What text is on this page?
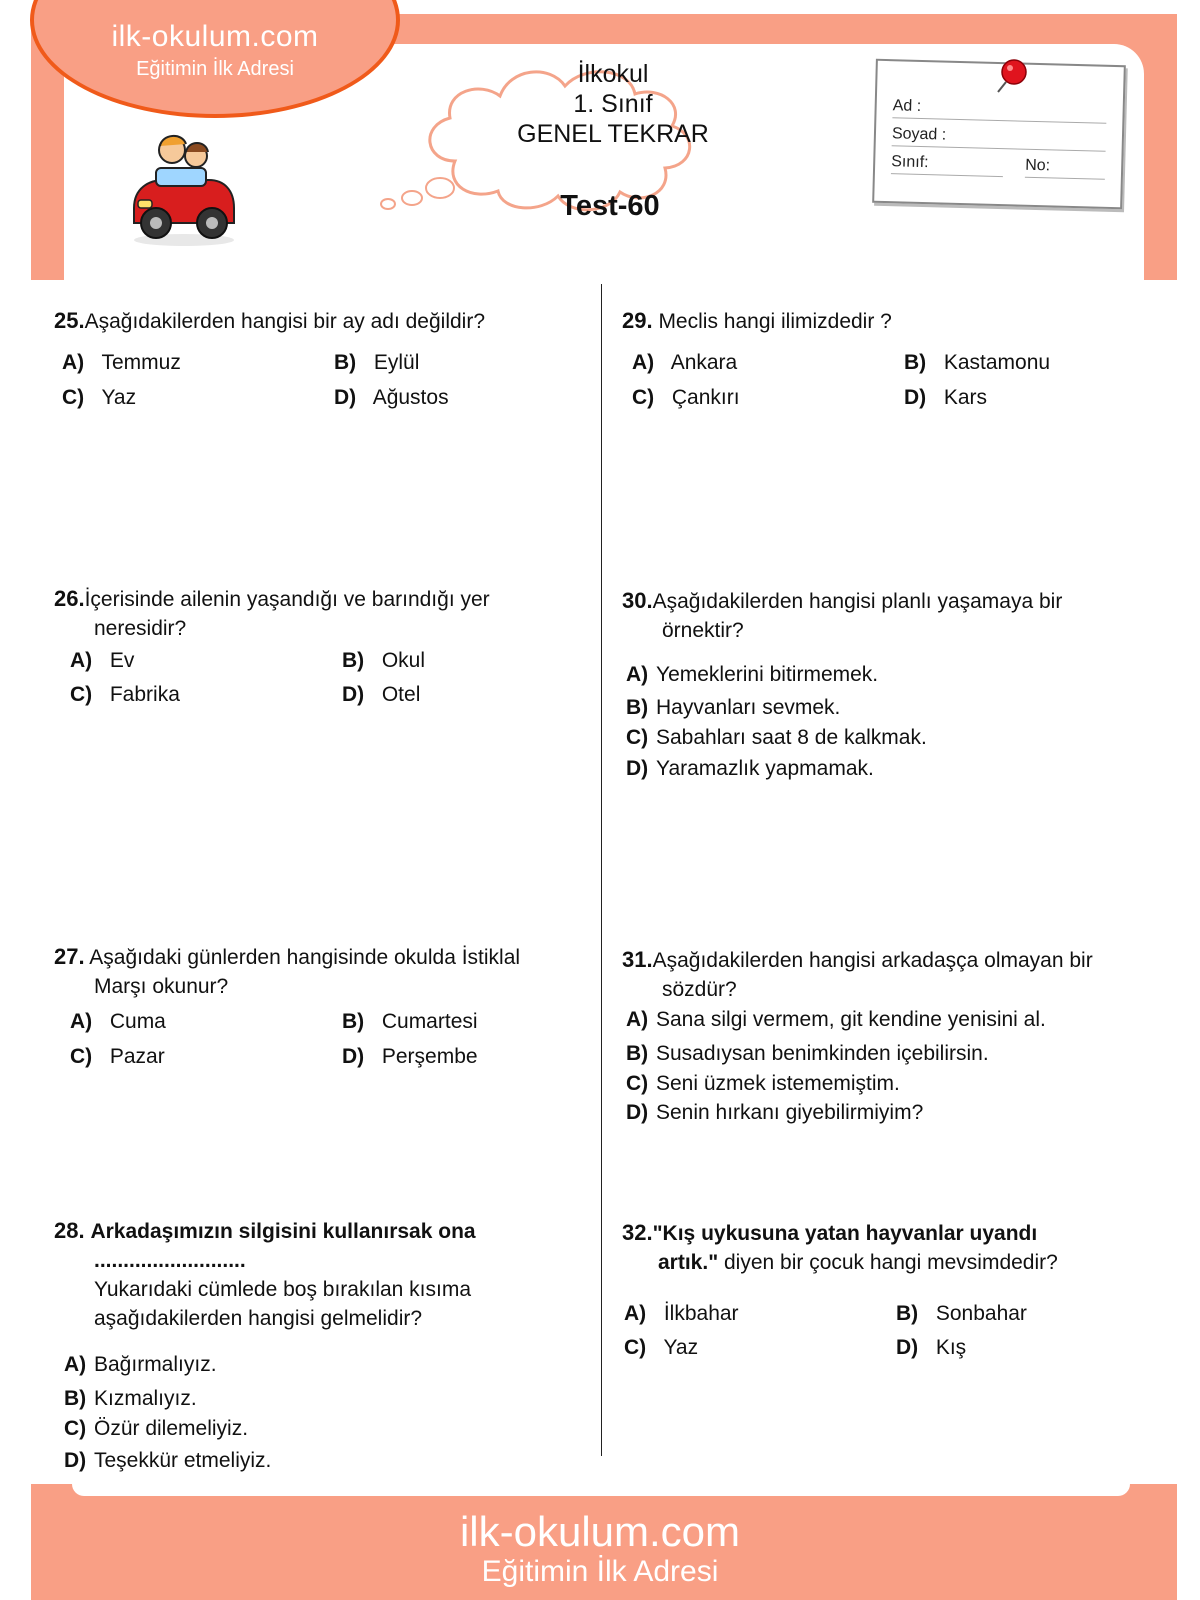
ilk-okulum.com
Eğitimin İlk Adresi	İlkokul
1. Sınıf
GENEL TEKRAR
Test-60
Ad :
Soyad :
Sınıf:	No:
25.Aşağıdakilerden hangisi bir ay adı değildir?
A) Temmuz	B) Eylül
C) Yaz	D) Ağustos
26.İçerisinde ailenin yaşandığı ve barındığı yer
neresidir?
A) Ev	B) Okul
C) Fabrika	D) Otel
27. Aşağıdaki günlerden hangisinde okulda İstiklal
Marşı okunur?
A) Cuma	B) Cumartesi
C) Pazar	D) Perşembe
28. Arkadaşımızın silgisini kullanırsak ona
..........................
Yukarıdaki cümlede boş bırakılan kısıma
aşağıdakilerden hangisi gelmelidir?
A) Bağırmalıyız.
B) Kızmalıyız.
C) Özür dilemeliyiz.
D) Teşekkür etmeliyiz.
29. Meclis hangi ilimizdedir ?
A) Ankara	B) Kastamonu
C) Çankırı	D) Kars
30.Aşağıdakilerden hangisi planlı yaşamaya bir
örnektir?
A) Yemeklerini bitirmemek.
B) Hayvanları sevmek.
C) Sabahları saat 8 de kalkmak.
D) Yaramazlık yapmamak.
31.Aşağıdakilerden hangisi arkadaşça olmayan bir
sözdür?
A) Sana silgi vermem, git kendine yenisini al.
B) Susadıysan benimkinden içebilirsin.
C) Seni üzmek istememiştim.
D) Senin hırkanı giyebilirmiyim?
32."Kış uykusuna yatan hayvanlar uyandı
artık." diyen bir çocuk hangi mevsimdedir?
A) İlkbahar	B) Sonbahar
C) Yaz	D) Kış
ilk-okulum.com
Eğitimin İlk Adresi
